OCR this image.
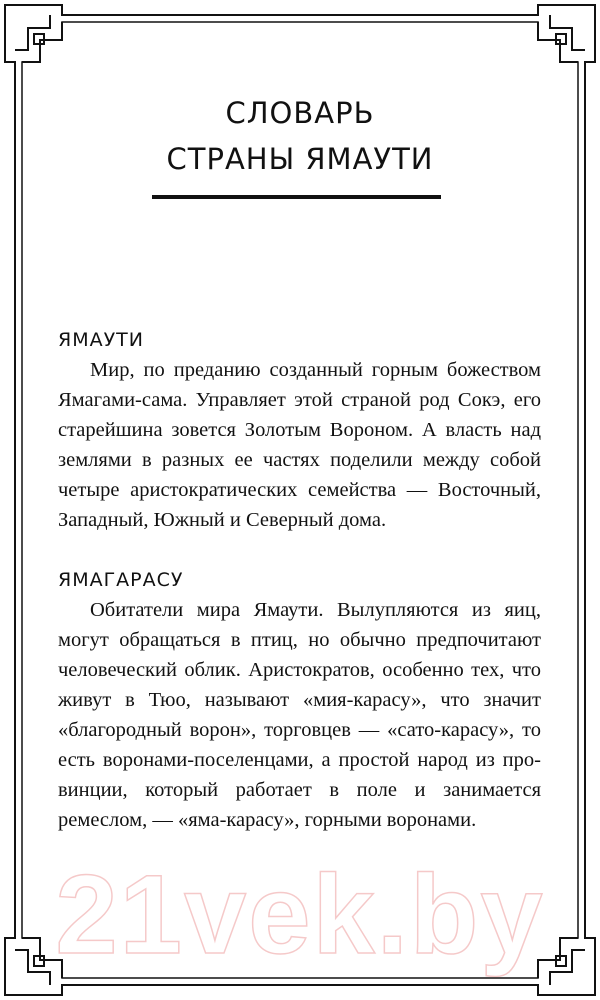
СЛОВАРЬ
СТРАНЫ ЯМАУТИ
ЯМАУТИ

Мир, по преданию созданный горным божеством Ямагами-сама. Управляет этой страной род Сокэ, его старейшина зовется Золотым Вороном. А власть над землями в разных ее частях поделили между собой четыре аристократических семейства — Восточный, Западный, Южный и Северный дома.

ЯМАГАРАСУ

Обитатели мира Ямаути. Вылупляются из яиц, могут обращаться в птиц, но обычно предпочитают человеческий облик. Аристократов, особенно тех, что живут в Тюо, называют «мия-карасу», что значит «благородный ворон», торговцев — «сато-карасу», то есть воронами-поселенцами, а простой народ из провинции, который работает в поле и занимается ремеслом, — «яма-карасу», горными воронами.

21vek.by
